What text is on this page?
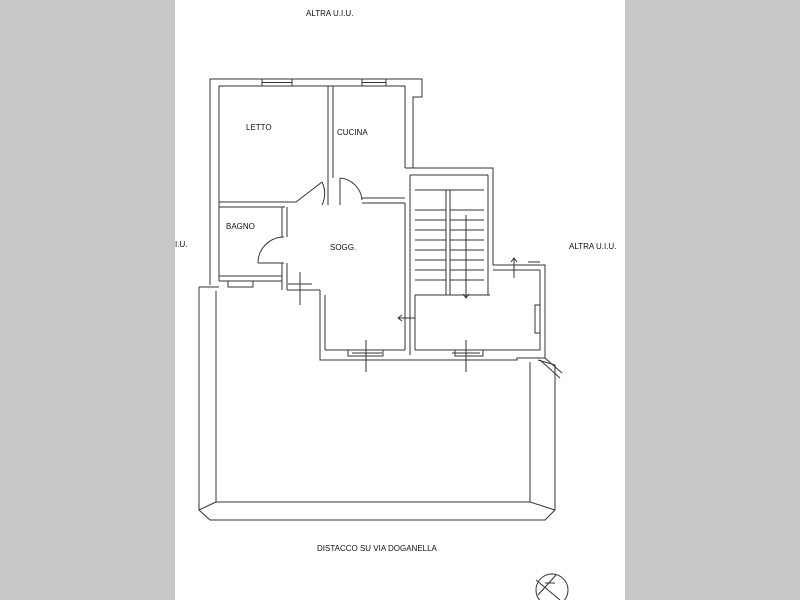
ALTRA U.I.U.
I.U.	ALTRA U.I.U.
DISTACCO SU VIA DOGANELLA
LETTO
CUCINA
BAGNO
SOGG.
